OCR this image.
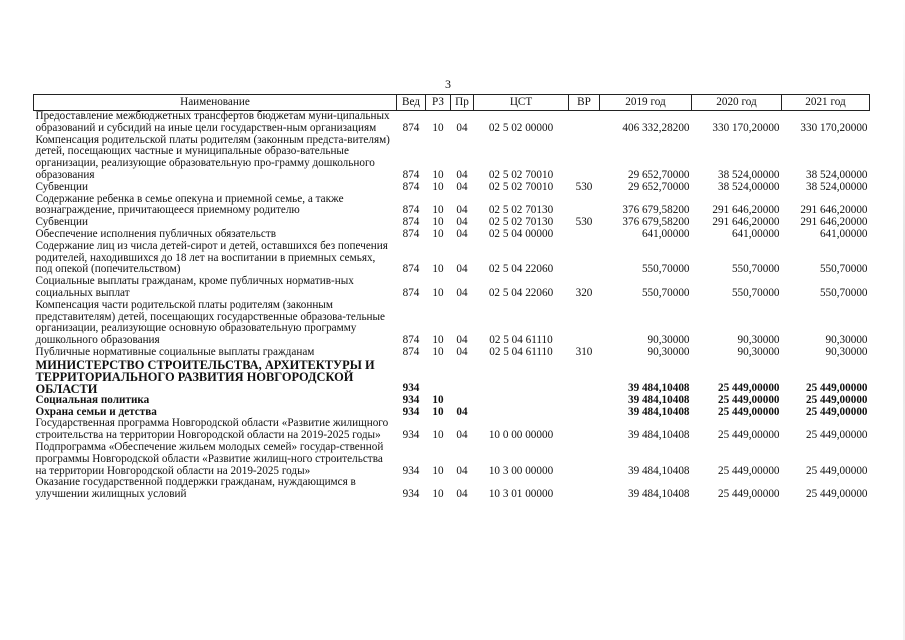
3
Наименование	Вед	РЗ	Пр	ЦСТ	ВР	2019 год	2020 год	2021 год
Предоставление межбюджетных трансфертов бюджетам муни-ципальных образований и субсидий на иные цели государствен-ным организациям	874	10	04	02 5 02 00000		406 332,28200	330 170,20000	330 170,20000
Компенсация родительской платы родителям (законным предста-вителям) детей, посещающих частные и муниципальные образо-вательные организации, реализующие образовательную про-грамму дошкольного образования	874	10	04	02 5 02 70010		29 652,70000	38 524,00000	38 524,00000
Субвенции	874	10	04	02 5 02 70010	530	29 652,70000	38 524,00000	38 524,00000
Содержание ребенка в семье опекуна и приемной семье, а также вознаграждение, причитающееся приемному родителю	874	10	04	02 5 02 70130		376 679,58200	291 646,20000	291 646,20000
Субвенции	874	10	04	02 5 02 70130	530	376 679,58200	291 646,20000	291 646,20000
Обеспечение исполнения публичных обязательств	874	10	04	02 5 04 00000		641,00000	641,00000	641,00000
Содержание лиц из числа детей-сирот и детей, оставшихся без попечения родителей, находившихся до 18 лет на воспитании в приемных семьях, под опекой (попечительством)	874	10	04	02 5 04 22060		550,70000	550,70000	550,70000
Социальные выплаты гражданам, кроме публичных норматив-ных социальных выплат	874	10	04	02 5 04 22060	320	550,70000	550,70000	550,70000
Компенсация части родительской платы родителям (законным представителям) детей, посещающих государственные образова-тельные организации, реализующие основную образовательную программу дошкольного образования	874	10	04	02 5 04 61110		90,30000	90,30000	90,30000
Публичные нормативные социальные выплаты гражданам	874	10	04	02 5 04 61110	310	90,30000	90,30000	90,30000
МИНИСТЕРСТВО СТРОИТЕЛЬСТВА, АРХИТЕКТУРЫ И ТЕРРИТОРИАЛЬНОГО РАЗВИТИЯ НОВГОРОДСКОЙ ОБЛАСТИ	934					39 484,10408	25 449,00000	25 449,00000
Социальная политика	934	10				39 484,10408	25 449,00000	25 449,00000
Охрана семьи и детства	934	10	04			39 484,10408	25 449,00000	25 449,00000
Государственная программа Новгородской области «Развитие жилищного строительства на территории Новгородской области на 2019-2025 годы»	934	10	04	10 0 00 00000		39 484,10408	25 449,00000	25 449,00000
Подпрограмма «Обеспечение жильем молодых семей» государ-ственной программы Новгородской области «Развитие жилищ-ного строительства на территории Новгородской области на 2019-2025 годы»	934	10	04	10 3 00 00000		39 484,10408	25 449,00000	25 449,00000
Оказание государственной поддержки гражданам, нуждающимся в улучшении жилищных условий	934	10	04	10 3 01 00000		39 484,10408	25 449,00000	25 449,00000
